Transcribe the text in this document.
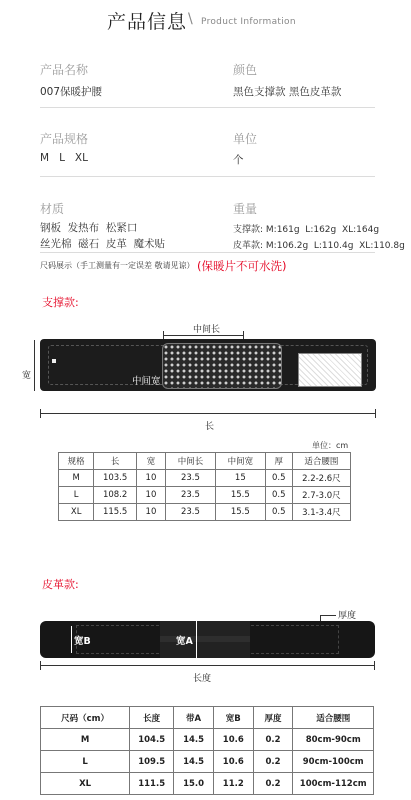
产品信息 \ Product Information
产品名称
007保暖护腰
颜色
黑色支撑款 黑色皮革款
产品规格
M   L   XL
单位
个
材质
钢板  发热布  松紧口
丝光棉  磁石  皮革  魔术贴
重量
支撑款: M:161g  L:162g  XL:164g
皮革款: M:106.2g  L:110.4g  XL:110.8g
尺码展示（手工测量有一定误差 敬请见谅） (保暖片不可水洗)
支撑款:
中间长
宽	中间宽
长
单位：cm
规格	长	宽	中间长	中间宽	厚	适合腰围
M	103.5	10	23.5	15	0.5	2.2-2.6尺
L	108.2	10	23.5	15.5	0.5	2.7-3.0尺
XL	115.5	10	23.5	15.5	0.5	3.1-3.4尺
皮革款:
厚度
宽B	宽A
长度
尺码（cm）	长度	带A	宽B	厚度	适合腰围
M	104.5	14.5	10.6	0.2	80cm-90cm
L	109.5	14.5	10.6	0.2	90cm-100cm
XL	111.5	15.0	11.2	0.2	100cm-112cm
